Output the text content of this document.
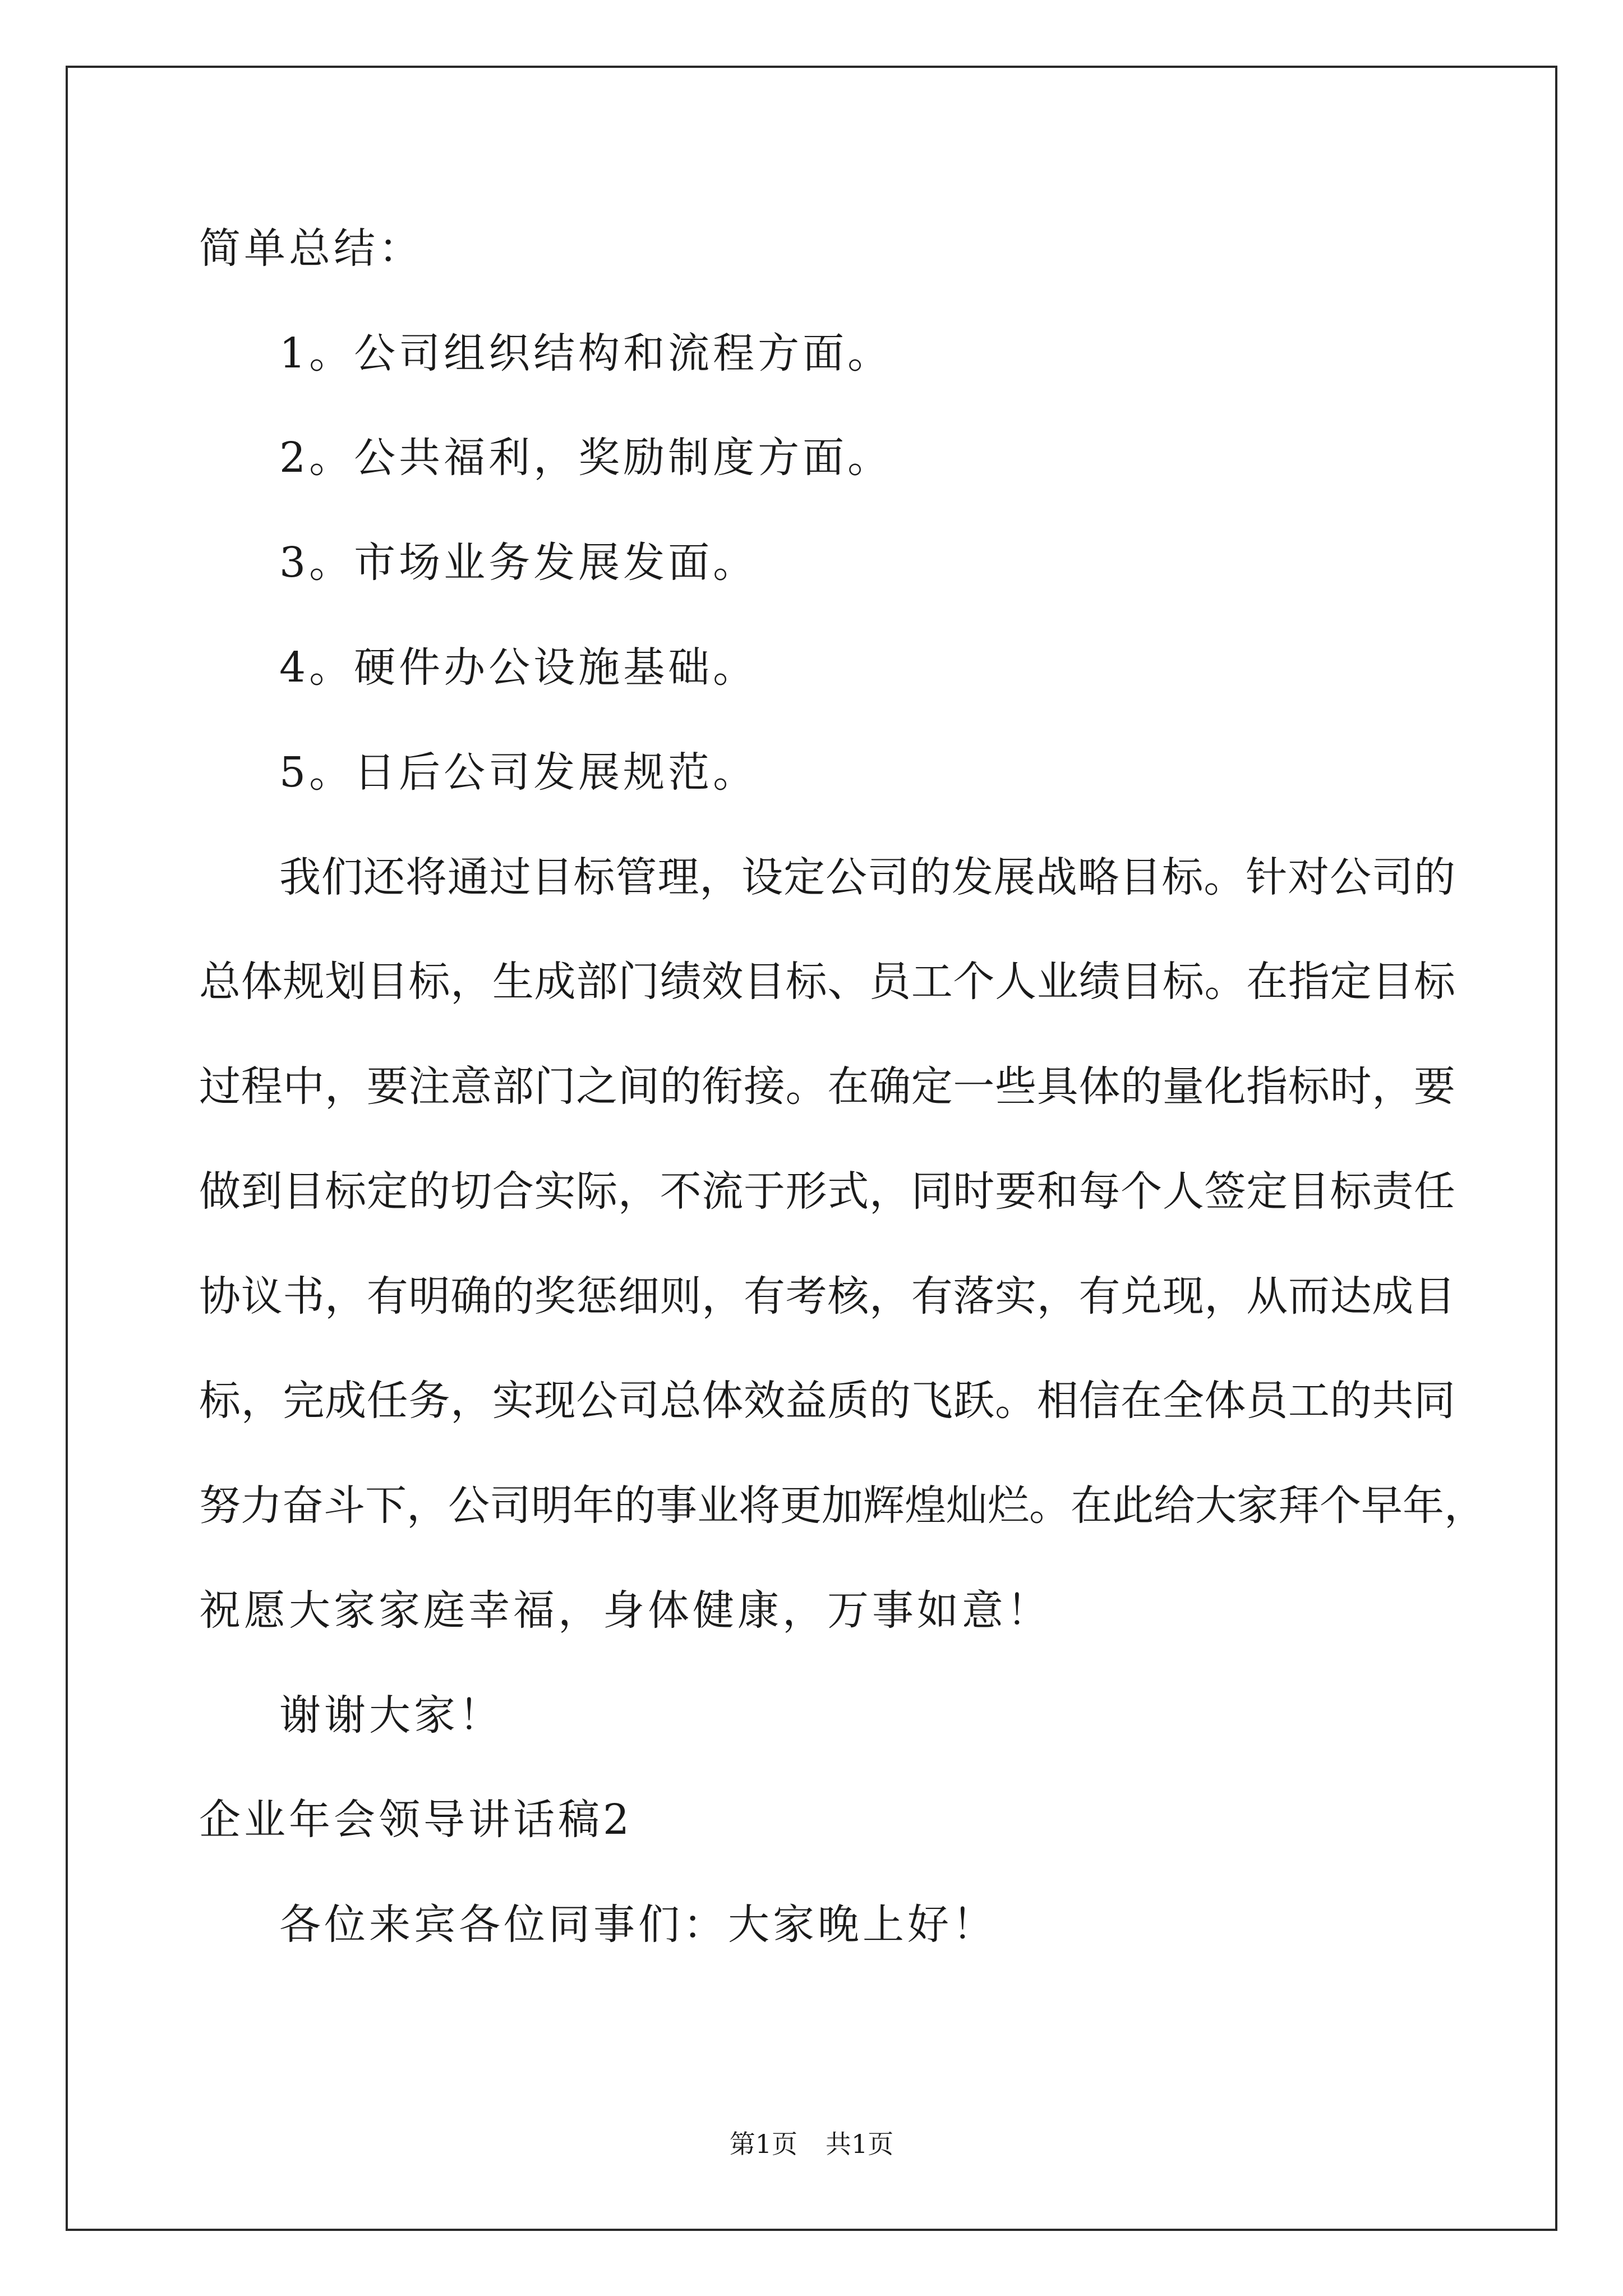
简单总结：
1。公司组织结构和流程方面。
2。公共福利，奖励制度方面。
3。市场业务发展发面。
4。硬件办公设施基础。
5。日后公司发展规范。
我们还将通过目标管理，设定公司的发展战略目标。针对公司的
总体规划目标，生成部门绩效目标、员工个人业绩目标。在指定目标
过程中，要注意部门之间的衔接。在确定一些具体的量化指标时，要
做到目标定的切合实际，不流于形式，同时要和每个人签定目标责任
协议书，有明确的奖惩细则，有考核，有落实，有兑现，从而达成目
标，完成任务，实现公司总体效益质的飞跃。相信在全体员工的共同
努力奋斗下，公司明年的事业将更加辉煌灿烂。在此给大家拜个早年，
祝愿大家家庭幸福，身体健康，万事如意！
谢谢大家！
企业年会领导讲话稿2
各位来宾各位同事们：大家晚上好！
第1页 共1页
